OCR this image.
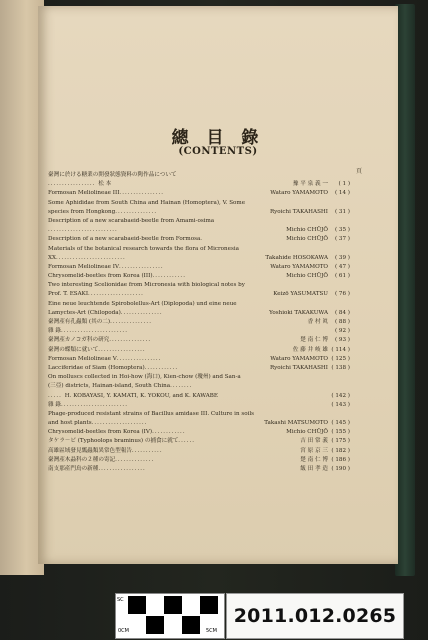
總 目 錄
(CONTENTS)
頁
臺灣に於ける糖業の開發狀態資料の陶作品について
．．．．．．．．．．．．．．．．．松 本	豫 平 泉 義 一	( 1 )
Formosan Meliolineae III．．．．．．．．．．．．．．．．	Wataro YAMAMOTO	( 14 )
Some Aphididae from South China and Hainan (Homoptera), V. Some
species from Hongkong．．．．．．．．．．．．．．．	Ryoichi TAKAHASHI	( 31 )
Description of a new scarabaeid-beetle from Amami-osima
．．．．．．．．．．．．．．．．．．．．．．．．．	Michio CHŪJŌ	( 35 )
Description of a new scarabaeid-beetle from Formosa．	Michio CHŪJŌ	( 37 )
Materials of the botanical research towards the flora of Micronesia
XX．．．．．．．．．．．．．．．．．．．．．．．．．	Takahide HOSOKAWA	( 39 )
Formosan Meliolineae IV．．．．．．．．．．．．．．．．	Wataro YAMAMOTO	( 47 )
Chrysomelid-beetles from Korea (III)．．．．．．．．．．．．	Michio CHŪJŌ	( 61 )
Two interesting Scelionidae from Micronesia with biological notes by
Prof. T. ESAKI．．．．．．．．．．．．．．．．．．．．	Keizō YASUMATSU	( 76 )
Eine neue leuchtende Spirobolellus-Art (Diplopoda) und eine neue
Lamyctes-Art (Chilopoda)．．．．．．．．．．．．．．．	Yoshioki TAKAKUWA	( 84 )
臺灣產有孔蟲類 (其の二)．．．．．．．．．．．．．．．	香 村 眞	( 88 )
雜 錄．．．．．．．．．．．．．．．．．．．．．．．．	( 92 )
臺灣產カノコガ科の研究．．．．．．．．．．．．．．．	楚 南 仁 博	( 93 )
臺灣の蝶類に就いて．．．．．．．．．．．．．．．．．	佐 藤 井 岐 雄 ( 114 )
Formosan Meliolineae V．．．．．．．．．．．．．．．．	Wataro YAMAMOTO ( 125 )
Lacciferidae of Siam (Homoptera)．．．．．．．．．．．．	Ryoichi TAKAHASHI ( 138 )
On molluscs collected in Hoi-how (海口), Kien-chow (瓊州) and San-a
(三亞) districts, Hainan-island, South China．．．．．．．．
．．．．．H. KOBAYASI, Y. KAMATI, K. YOKOU, and K. KAWABE	( 142 )
雜 錄．．．．．．．．．．．．．．．．．．．．．．．．	( 143 )
Phage-produced resistant strains of Bacillus amidase III. Culture in soils
and host plants．．．．．．．．．．．．．．．．．．．．	Takashi MATSUMOTO ( 145 )
Chrysomelid-beetles from Korea (IV)．．．．．．．．．．．．	Michio CHŪJŌ ( 155 )
タケラ－ビ (Typhoolops braminus) の捕食に就て．．．．．．	吉 田 常 義 ( 175 )
高雄區域發見瓢蟲類異常色型報告．．．．．．．．．．．	宮 原 京 三 ( 182 )
臺灣產木蝨科の２種の寄記．．．．．．．．．．．．．．	楚 南 仁 博 ( 186 )
南支那產門鳥の新種．．．．．．．．．．．．．．．．．	飯 田 孝 造 ( 190 )
0CM	5CM
SC
2011.012.0265
